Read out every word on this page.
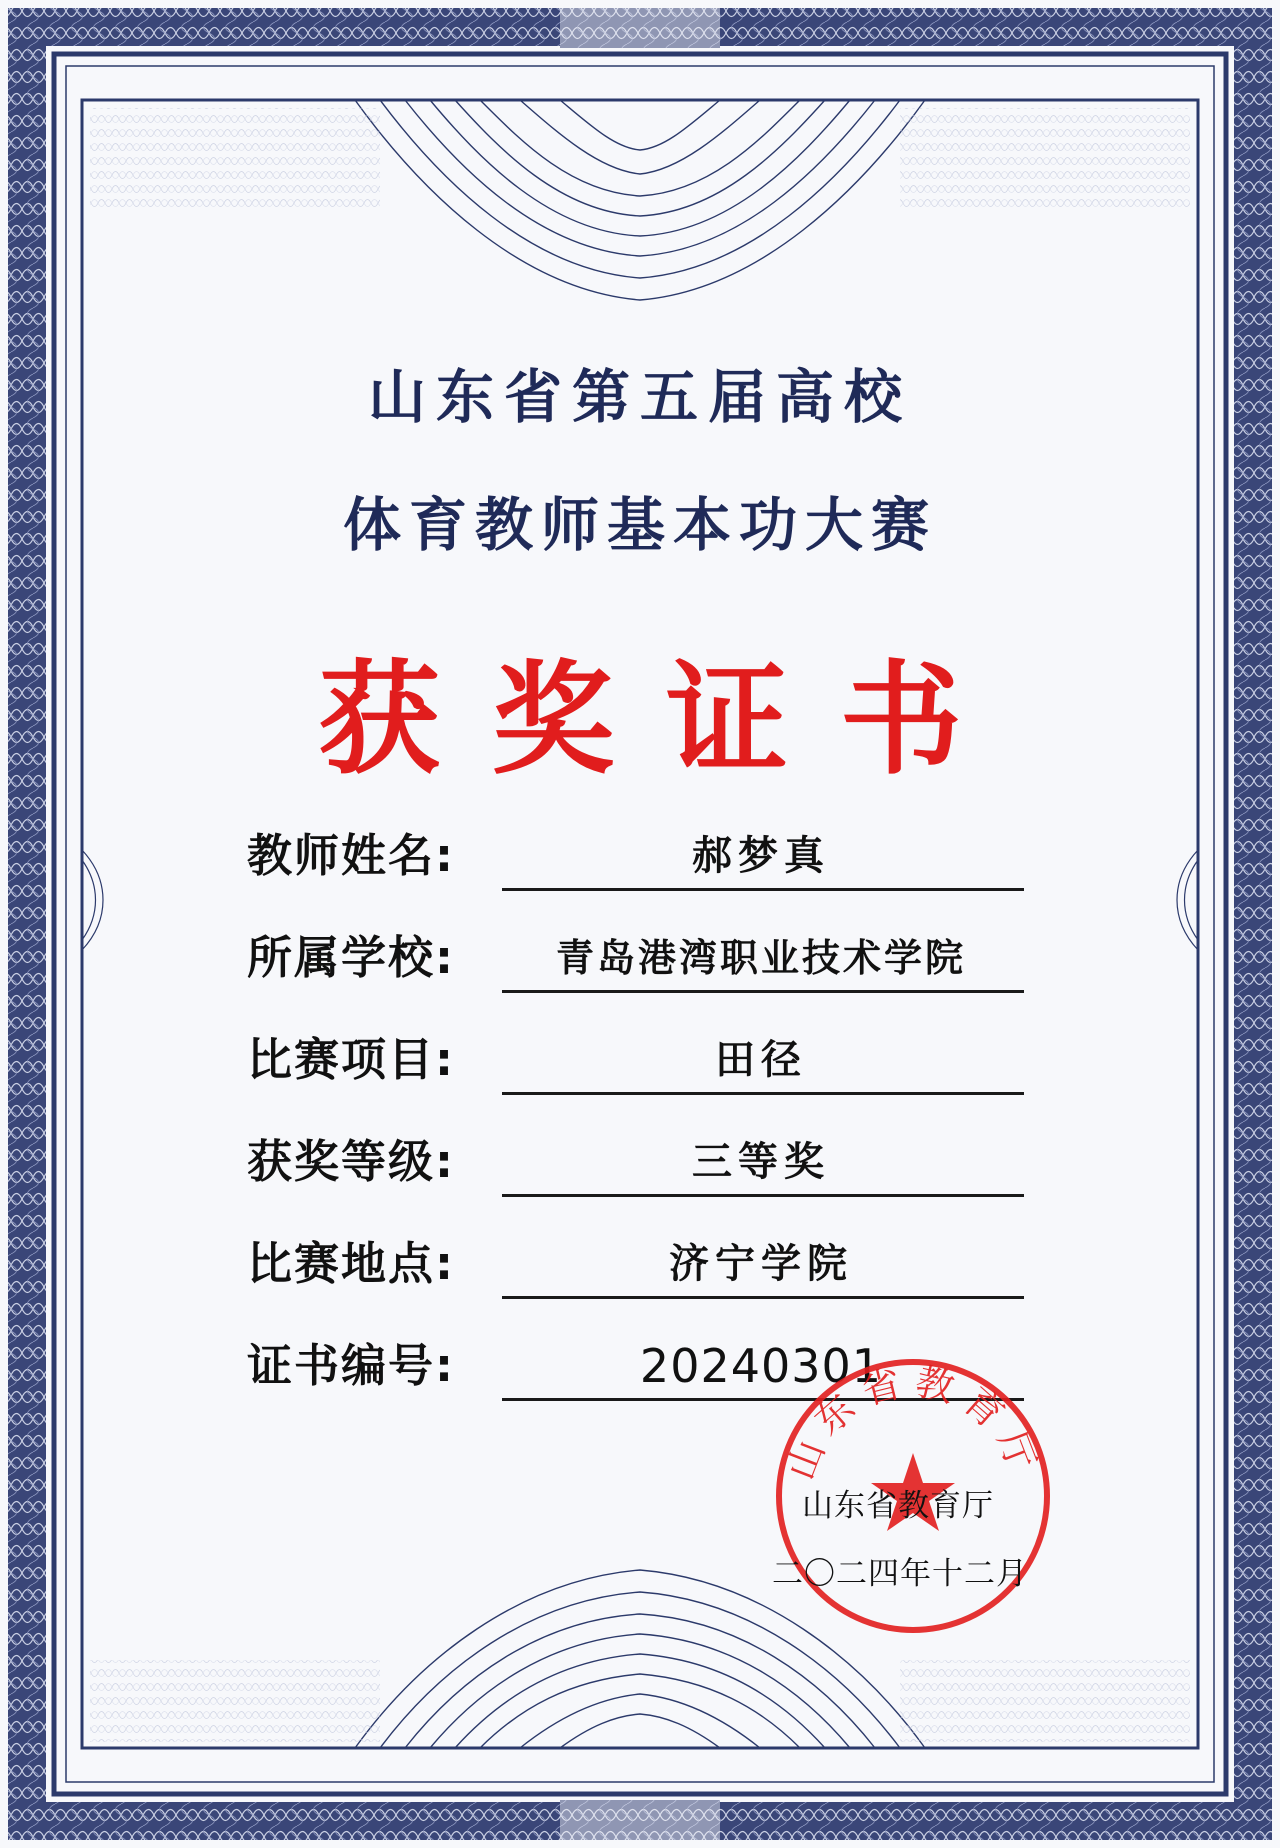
山东省第五届高校
体育教师基本功大赛
获奖证书
教师姓名:	郝梦真
所属学校:	青岛港湾职业技术学院
比赛项目:	田径
获奖等级:	三等奖
比赛地点:	济宁学院
证书编号:	20240301
山东省教育厅
山东省教育厅
二〇二四年十二月
